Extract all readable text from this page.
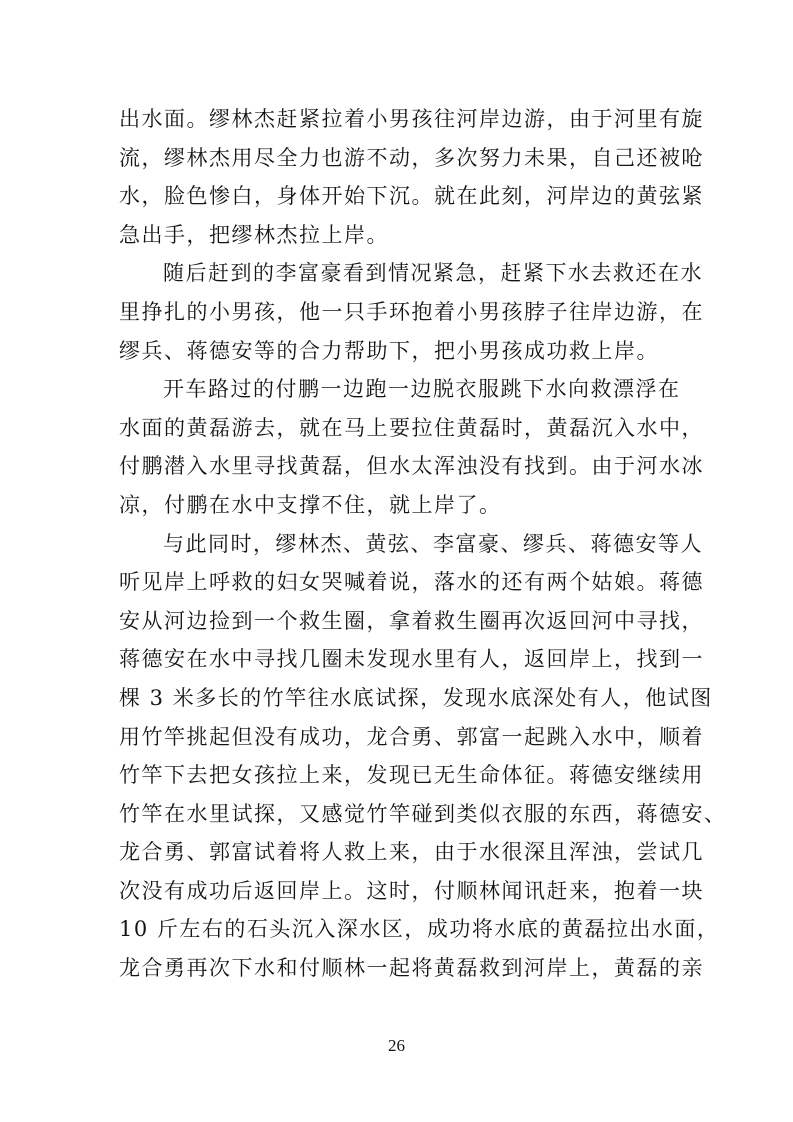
出水面。缪林杰赶紧拉着小男孩往河岸边游，由于河里有旋
流，缪林杰用尽全力也游不动，多次努力未果，自己还被呛
水，脸色惨白，身体开始下沉。就在此刻，河岸边的黄弦紧
急出手，把缪林杰拉上岸。
随后赶到的李富豪看到情况紧急，赶紧下水去救还在水
里挣扎的小男孩，他一只手环抱着小男孩脖子往岸边游，在
缪兵、蒋德安等的合力帮助下，把小男孩成功救上岸。
开车路过的付鹏一边跑一边脱衣服跳下水向救漂浮在
水面的黄磊游去，就在马上要拉住黄磊时，黄磊沉入水中，
付鹏潜入水里寻找黄磊，但水太浑浊没有找到。由于河水冰
凉，付鹏在水中支撑不住，就上岸了。
与此同时，缪林杰、黄弦、李富豪、缪兵、蒋德安等人
听见岸上呼救的妇女哭喊着说，落水的还有两个姑娘。蒋德
安从河边捡到一个救生圈，拿着救生圈再次返回河中寻找，
蒋德安在水中寻找几圈未发现水里有人，返回岸上，找到一
棵 3 米多长的竹竿往水底试探，发现水底深处有人，他试图
用竹竿挑起但没有成功，龙合勇、郭富一起跳入水中，顺着
竹竿下去把女孩拉上来，发现已无生命体征。蒋德安继续用
竹竿在水里试探，又感觉竹竿碰到类似衣服的东西，蒋德安、
龙合勇、郭富试着将人救上来，由于水很深且浑浊，尝试几
次没有成功后返回岸上。这时，付顺林闻讯赶来，抱着一块
10 斤左右的石头沉入深水区，成功将水底的黄磊拉出水面，
龙合勇再次下水和付顺林一起将黄磊救到河岸上，黄磊的亲
26
